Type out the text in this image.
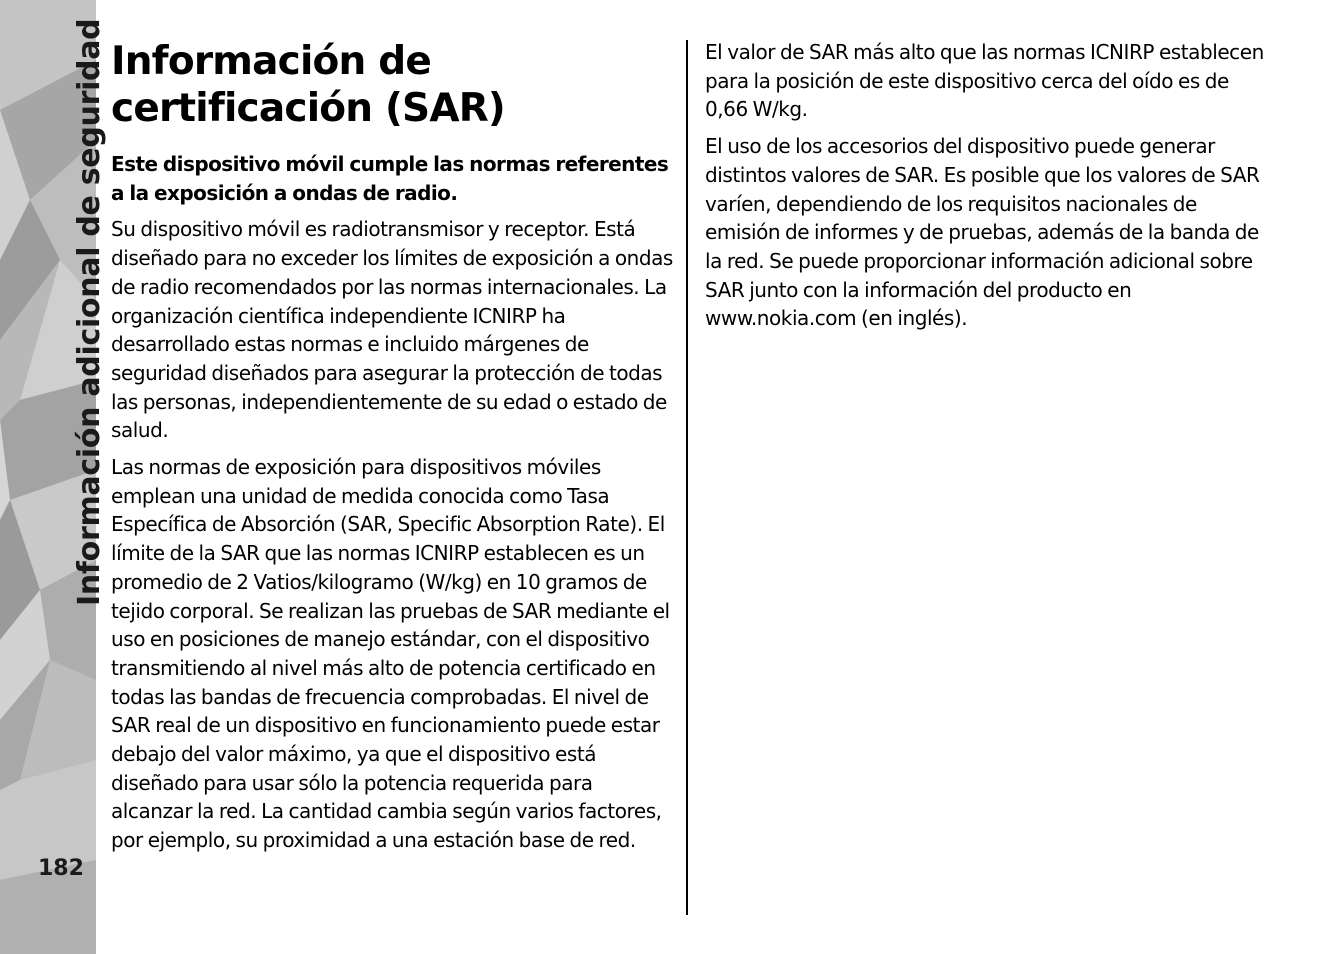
Información adicional de seguridad
182
Información de certificación (SAR)

Este dispositivo móvil cumple las normas referentes a la exposición a ondas de radio.

Su dispositivo móvil es radiotransmisor y receptor. Está diseñado para no exceder los límites de exposición a ondas de radio recomendados por las normas internacionales. La organización científica independiente ICNIRP ha desarrollado estas normas e incluido márgenes de seguridad diseñados para asegurar la protección de todas las personas, independientemente de su edad o estado de salud.

Las normas de exposición para dispositivos móviles emplean una unidad de medida conocida como Tasa Específica de Absorción (SAR, Specific Absorption Rate). El límite de la SAR que las normas ICNIRP establecen es un promedio de 2 Vatios/kilogramo (W/kg) en 10 gramos de tejido corporal. Se realizan las pruebas de SAR mediante el uso en posiciones de manejo estándar, con el dispositivo transmitiendo al nivel más alto de potencia certificado en todas las bandas de frecuencia comprobadas. El nivel de SAR real de un dispositivo en funcionamiento puede estar debajo del valor máximo, ya que el dispositivo está diseñado para usar sólo la potencia requerida para alcanzar la red. La cantidad cambia según varios factores, por ejemplo, su proximidad a una estación base de red.

El valor de SAR más alto que las normas ICNIRP establecen para la posición de este dispositivo cerca del oído es de 0,66 W/kg.

El uso de los accesorios del dispositivo puede generar distintos valores de SAR. Es posible que los valores de SAR varíen, dependiendo de los requisitos nacionales de emisión de informes y de pruebas, además de la banda de la red. Se puede proporcionar información adicional sobre SAR junto con la información del producto en www.nokia.com (en inglés).
